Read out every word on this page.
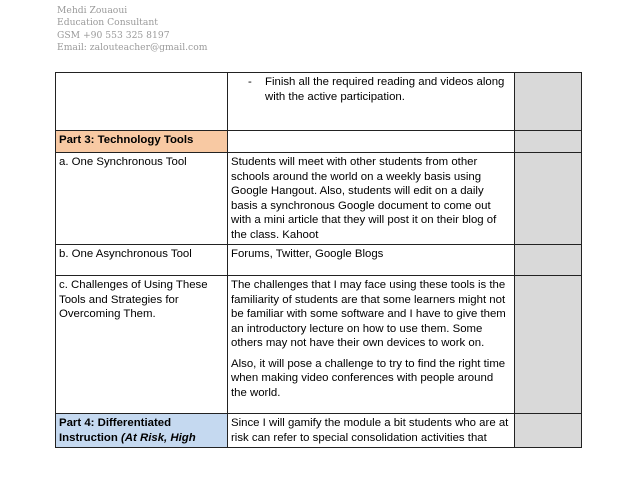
Mehdi Zouaoui
Education Consultant
GSM +90 553 325 8197
Email: zalouteacher@gmail.com

	- Finish all the required reading and videos along with the active participation.	

Part 3: Technology Tools		
a. One Synchronous Tool	Students will meet with other students from other schools around the world on a weekly basis using Google Hangout. Also, students will edit on a daily basis a synchronous Google document to come out with a mini article that they will post it on their blog of the class. Kahoot	
b. One Asynchronous Tool	Forums, Twitter, Google Blogs	
c. Challenges of Using These Tools and Strategies for Overcoming Them.	The challenges that I may face using these tools is the familiarity of students are that some learners might not be familiar with some software and I have to give them an introductory lecture on how to use them. Some others may not have their own devices to work on.
Also, it will pose a challenge to try to find the right time when making video conferences with people around the world.	

Part 4: Differentiated Instruction (At Risk, High	Since I will gamify the module a bit students who are at risk can refer to special consolidation activities that	
